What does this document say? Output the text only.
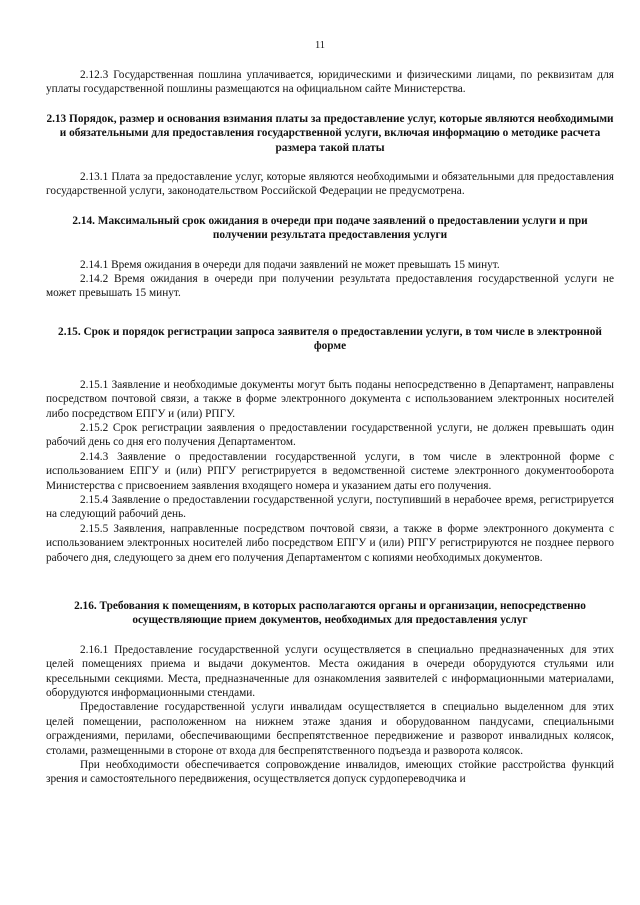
11

2.12.3 Государственная пошлина уплачивается, юридическими и физическими лицами, по реквизитам для уплаты государственной пошлины размещаются на официальном сайте Министерства.

2.13 Порядок, размер и основания взимания платы за предоставление услуг, которые являются необходимыми и обязательными для предоставления государственной услуги, включая информацию о методике расчета размера такой платы

2.13.1 Плата за предоставление услуг, которые являются необходимыми и обязательными для предоставления государственной услуги, законодательством Российской Федерации не предусмотрена.

2.14. Максимальный срок ожидания в очереди при подаче заявлений о предоставлении услуги и при получении результата предоставления услуги

2.14.1 Время ожидания в очереди для подачи заявлений не может превышать 15 минут.

2.14.2 Время ожидания в очереди при получении результата предоставления государственной услуги не может превышать 15 минут.

2.15. Срок и порядок регистрации запроса заявителя о предоставлении услуги, в том числе в электронной форме

2.15.1 Заявление и необходимые документы могут быть поданы непосредственно в Департамент, направлены посредством почтовой связи, а также в форме электронного документа с использованием электронных носителей либо посредством ЕПГУ и (или) РПГУ.

2.15.2 Срок регистрации заявления о предоставлении государственной услуги, не должен превышать один рабочий день со дня его получения Департаментом.

2.14.3 Заявление о предоставлении государственной услуги, в том числе в электронной форме с использованием ЕПГУ и (или) РПГУ регистрируется в ведомственной системе электронного документооборота Министерства с присвоением заявления входящего номера и указанием даты его получения.

2.15.4 Заявление о предоставлении государственной услуги, поступивший в нерабочее время, регистрируется на следующий рабочий день.

2.15.5 Заявления, направленные посредством почтовой связи, а также в форме электронного документа с использованием электронных носителей либо посредством ЕПГУ и (или) РПГУ регистрируются не позднее первого рабочего дня, следующего за днем его получения Департаментом с копиями необходимых документов.

2.16. Требования к помещениям, в которых располагаются органы и организации, непосредственно осуществляющие прием документов, необходимых для предоставления услуг

2.16.1 Предоставление государственной услуги осуществляется в специально предназначенных для этих целей помещениях приема и выдачи документов. Места ожидания в очереди оборудуются стульями или кресельными секциями. Места, предназначенные для ознакомления заявителей с информационными материалами, оборудуются информационными стендами.

Предоставление государственной услуги инвалидам осуществляется в специально выделенном для этих целей помещении, расположенном на нижнем этаже здания и оборудованном пандусами, специальными ограждениями, перилами, обеспечивающими беспрепятственное передвижение и разворот инвалидных колясок, столами, размещенными в стороне от входа для беспрепятственного подъезда и разворота колясок.

При необходимости обеспечивается сопровождение инвалидов, имеющих стойкие расстройства функций зрения и самостоятельного передвижения, осуществляется допуск сурдопереводчика и
